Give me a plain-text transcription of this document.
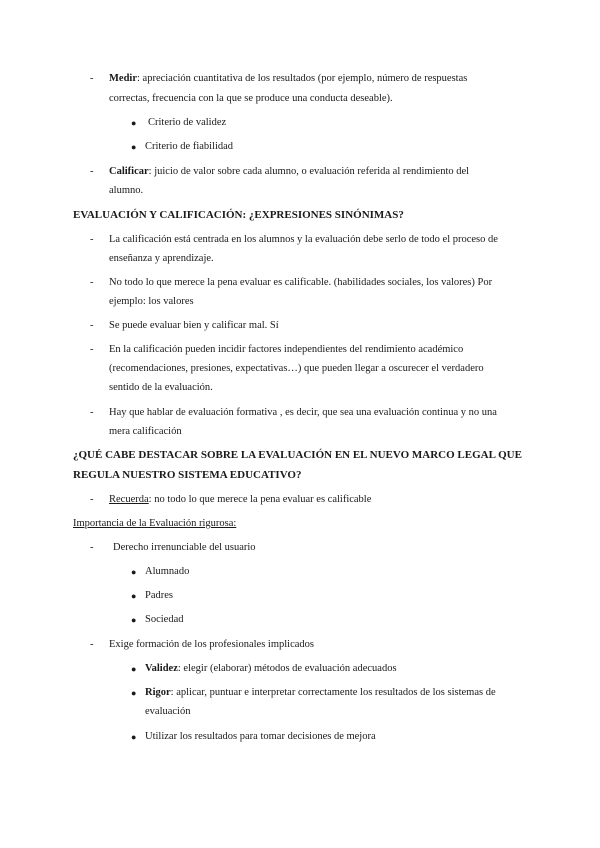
-	Medir: apreciación cuantitativa de los resultados (por ejemplo, número de respuestas
correctas, frecuencia con la que se produce una conducta deseable).
● Criterio de validez
● Criterio de fiabilidad
-	Calificar: juicio de valor sobre cada alumno, o evaluación referida al rendimiento del
alumno.
EVALUACIÓN Y CALIFICACIÓN: ¿EXPRESIONES SINÓNIMAS?
-	La calificación está centrada en los alumnos y la evaluación debe serlo de todo el proceso de
enseñanza y aprendizaje.
-	No todo lo que merece la pena evaluar es calificable. (habilidades sociales, los valores) Por
ejemplo: los valores
-	Se puede evaluar bien y calificar mal. Sí
-	En la calificación pueden incidir factores independientes del rendimiento académico
(recomendaciones, presiones, expectativas…) que pueden llegar a oscurecer el verdadero
sentido de la evaluación.
-	Hay que hablar de evaluación formativa , es decir, que sea una evaluación continua y no una
mera calificación
¿QUÉ CABE DESTACAR SOBRE LA EVALUACIÓN EN EL NUEVO MARCO LEGAL QUE
REGULA NUESTRO SISTEMA EDUCATIVO?
-	Recuerda: no todo lo que merece la pena evaluar es calificable
Importancia de la Evaluación rigurosa:
-	Derecho irrenunciable del usuario
● Alumnado
● Padres
● Sociedad
-	Exige formación de los profesionales implicados
● Validez: elegir (elaborar) métodos de evaluación adecuados
● Rigor: aplicar, puntuar e interpretar correctamente los resultados de los sistemas de
evaluación
● Utilizar los resultados para tomar decisiones de mejora
